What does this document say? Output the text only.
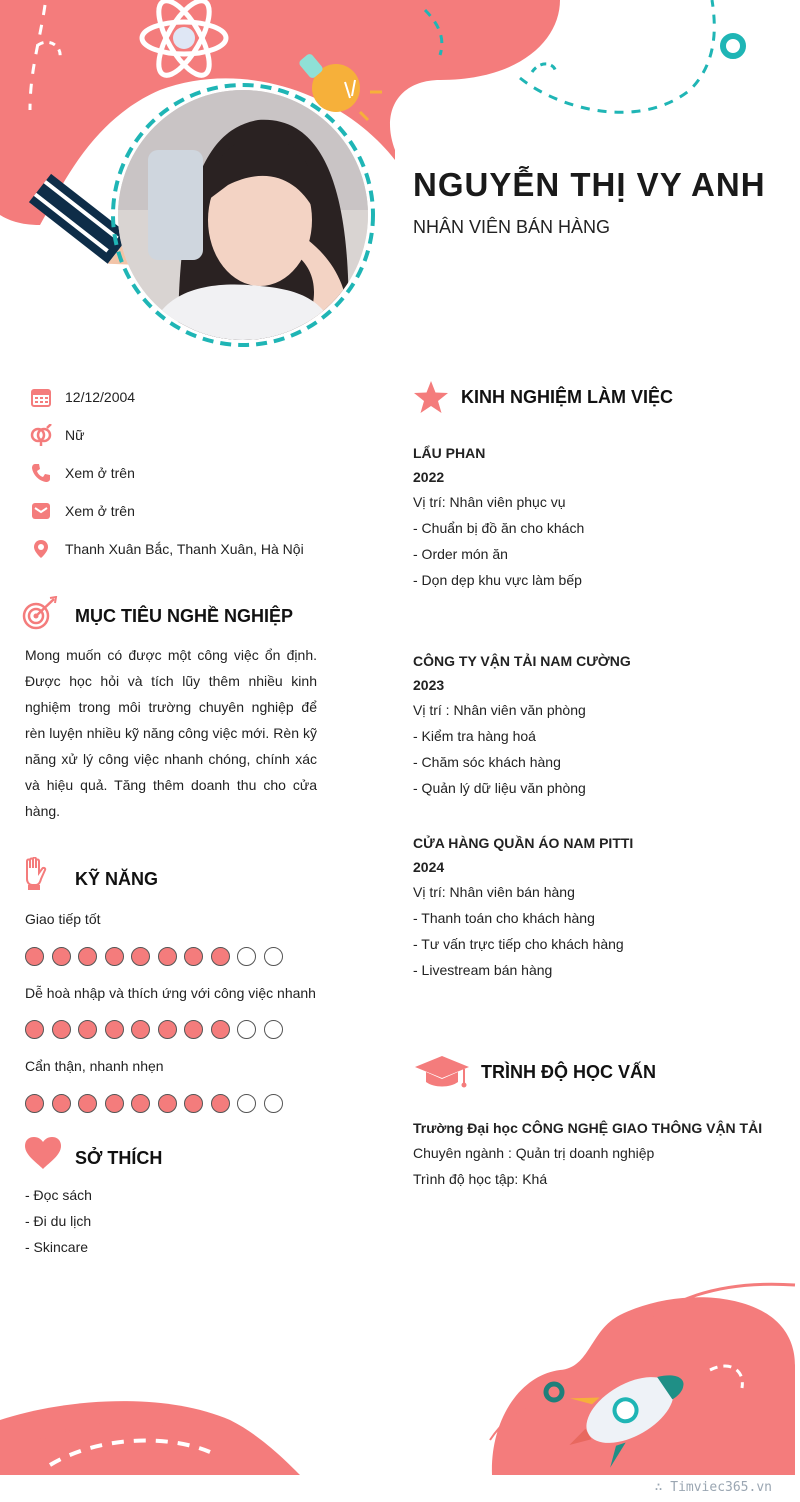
NGUYỄN THỊ VY ANH
NHÂN VIÊN BÁN HÀNG
12/12/2004
Nữ
Xem ở trên
Xem ở trên
Thanh Xuân Bắc, Thanh Xuân, Hà Nội
MỤC TIÊU NGHỀ NGHIỆP
Mong muốn có được một công việc ổn định. Được học hỏi và tích lũy thêm nhiều kinh nghiệm trong môi trường chuyên nghiệp để rèn luyện nhiều kỹ năng công việc mới. Rèn kỹ năng xử lý công việc nhanh chóng, chính xác và hiệu quả. Tăng thêm doanh thu cho cửa hàng.
KỸ NĂNG
Giao tiếp tốt
Dễ hoà nhập và thích ứng với công việc nhanh
Cẩn thận, nhanh nhẹn
SỞ THÍCH
- Đọc sách
- Đi du lịch
- Skincare
KINH NGHIỆM LÀM VIỆC
LẨU PHAN
2022
Vị trí: Nhân viên phục vụ
- Chuẩn bị đồ ăn cho khách
- Order món ăn
- Dọn dẹp khu vực làm bếp
CÔNG TY VẬN TẢI NAM CƯỜNG
2023
Vị trí : Nhân viên văn phòng
- Kiểm tra hàng hoá
- Chăm sóc khách hàng
- Quản lý dữ liệu văn phòng
CỬA HÀNG QUẦN ÁO NAM PITTI
2024
Vị trí: Nhân viên bán hàng
- Thanh toán cho khách hàng
- Tư vấn trực tiếp cho khách hàng
- Livestream bán hàng
TRÌNH ĐỘ HỌC VẤN
Trường Đại học CÔNG NGHỆ GIAO THÔNG VẬN TẢI
Chuyên ngành : Quản trị doanh nghiệp
Trình độ học tập: Khá
∴ Timviec365.vn
